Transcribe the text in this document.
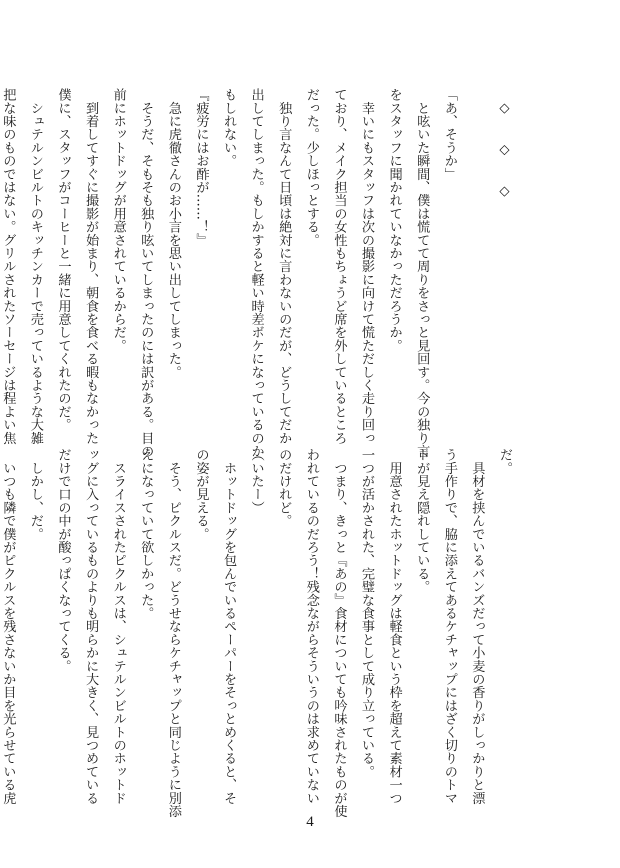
　◇　　◇　　◇
「あ、そうか」
　と呟いた瞬間、僕は慌てて周りをさっと見回す。今の独り言
をスタッフに聞かれていなかっただろうか。
　幸いにもスタッフは次の撮影に向けて慌ただしく走り回っ
ており、メイク担当の女性もちょうど席を外しているところ
だった。少しほっとする。
　独り言なんて日頃は絶対に言わないのだが、どうしてだか
出してしまった。もしかすると軽い時差ボケになっているのか
もしれない。
『疲労にはお酢が……！』
　急に虎徹さんのお小言を思い出してしまった。
　そうだ、そもそも独り呟いてしまったのには訳がある。目の
前にホットドッグが用意されているからだ。
　到着してすぐに撮影が始まり、朝食を食べる暇もなかった
僕に、スタッフがコーヒーと一緒に用意してくれたのだ。
　シュテルンビルトのキッチンカーで売っているような大雑
把な味のものではない。グリルされたソーセージは程よい焦
だ。
　具材を挟んでいるバンズだって小麦の香りがしっかりと漂
う手作りで、脇に添えてあるケチャップにはざく切りのトマ
トが見え隠れしている。
　用意されたホットドッグは軽食という枠を超えて素材一つ
一つが活かされた、完璧な食事として成り立っている。
　つまり、きっと『あの』食材についても吟味されたものが使
われているのだろう！残念ながらそういうのは求めていない
のだけれど。
（いたー）
　ホットドッグを包んでいるペーパーをそっとめくると、そ
の姿が見える。
　そう、ピクルスだ。どうせならケチャップと同じように別添
えになっていて欲しかった。
　スライスされたピクルスは、シュテルンビルトのホットド
ッグに入っているものよりも明らかに大きく、見つめている
だけで口の中が酸っぱくなってくる。
　しかし、だ。
　いつも隣で僕がピクルスを残さないか目を光らせている虎
4
